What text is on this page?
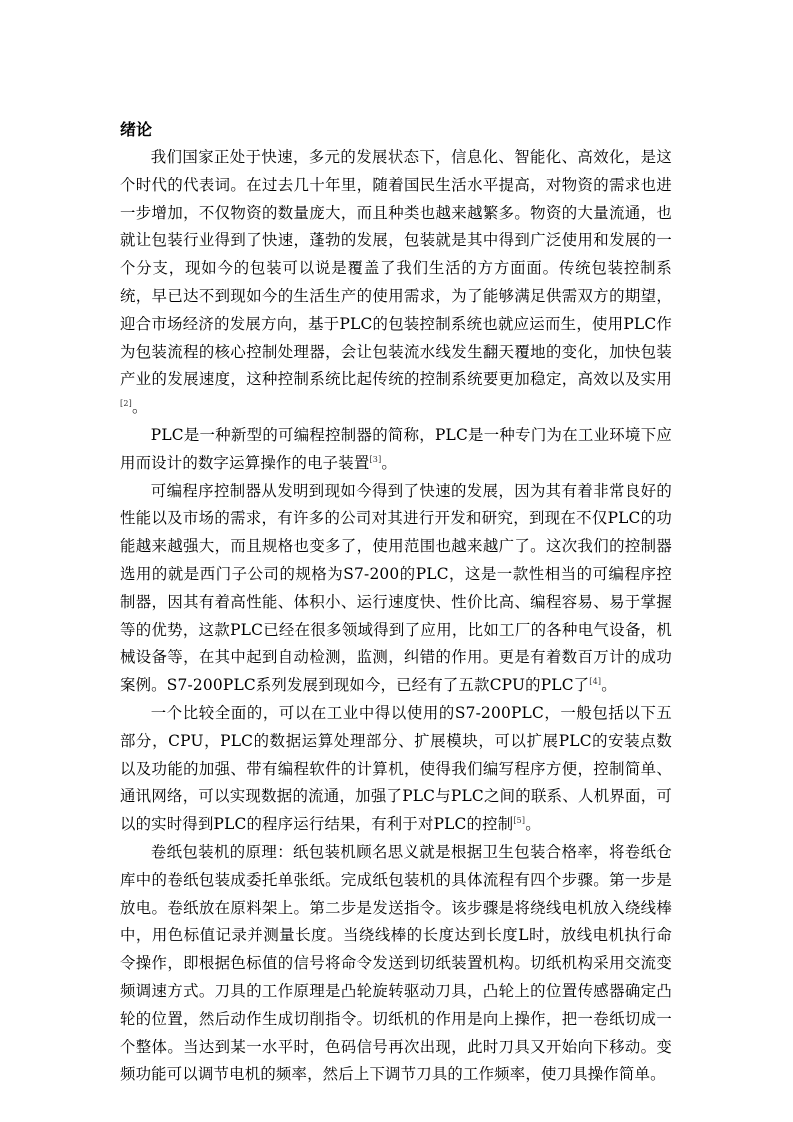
绪论

我们国家正处于快速，多元的发展状态下，信息化、智能化、高效化，是这个时代的代表词。在过去几十年里，随着国民生活水平提高，对物资的需求也进一步增加，不仅物资的数量庞大，而且种类也越来越繁多。物资的大量流通，也就让包装行业得到了快速，蓬勃的发展，包装就是其中得到广泛使用和发展的一个分支，现如今的包装可以说是覆盖了我们生活的方方面面。传统包装控制系统，早已达不到现如今的生活生产的使用需求，为了能够满足供需双方的期望，迎合市场经济的发展方向，基于PLC的包装控制系统也就应运而生，使用PLC作为包装流程的核心控制处理器，会让包装流水线发生翻天覆地的变化，加快包装产业的发展速度，这种控制系统比起传统的控制系统要更加稳定，高效以及实用[2]。

PLC是一种新型的可编程控制器的简称，PLC是一种专门为在工业环境下应用而设计的数字运算操作的电子装置[3]。

可编程序控制器从发明到现如今得到了快速的发展，因为其有着非常良好的性能以及市场的需求，有许多的公司对其进行开发和研究，到现在不仅PLC的功能越来越强大，而且规格也变多了，使用范围也越来越广了。这次我们的控制器选用的就是西门子公司的规格为S7-200的PLC，这是一款性相当的可编程序控制器，因其有着高性能、体积小、运行速度快、性价比高、编程容易、易于掌握等的优势，这款PLC已经在很多领域得到了应用，比如工厂的各种电气设备，机械设备等，在其中起到自动检测，监测，纠错的作用。更是有着数百万计的成功案例。S7-200PLC系列发展到现如今，已经有了五款CPU的PLC了[4]。

一个比较全面的，可以在工业中得以使用的S7-200PLC，一般包括以下五部分，CPU，PLC的数据运算处理部分、扩展模块，可以扩展PLC的安装点数以及功能的加强、带有编程软件的计算机，使得我们编写程序方便，控制简单、通讯网络，可以实现数据的流通，加强了PLC与PLC之间的联系、人机界面，可以的实时得到PLC的程序运行结果，有利于对PLC的控制[5]。

卷纸包装机的原理：纸包装机顾名思义就是根据卫生包装合格率，将卷纸仓库中的卷纸包装成委托单张纸。完成纸包装机的具体流程有四个步骤。第一步是放电。卷纸放在原料架上。第二步是发送指令。该步骤是将绕线电机放入绕线棒中，用色标值记录并测量长度。当绕线棒的长度达到长度L时，放线电机执行命令操作，即根据色标值的信号将命令发送到切纸装置机构。切纸机构采用交流变频调速方式。刀具的工作原理是凸轮旋转驱动刀具，凸轮上的位置传感器确定凸轮的位置，然后动作生成切削指令。切纸机的作用是向上操作，把一卷纸切成一个整体。当达到某一水平时，色码信号再次出现，此时刀具又开始向下移动。变频功能可以调节电机的频率，然后上下调节刀具的工作频率，使刀具操作简单。
